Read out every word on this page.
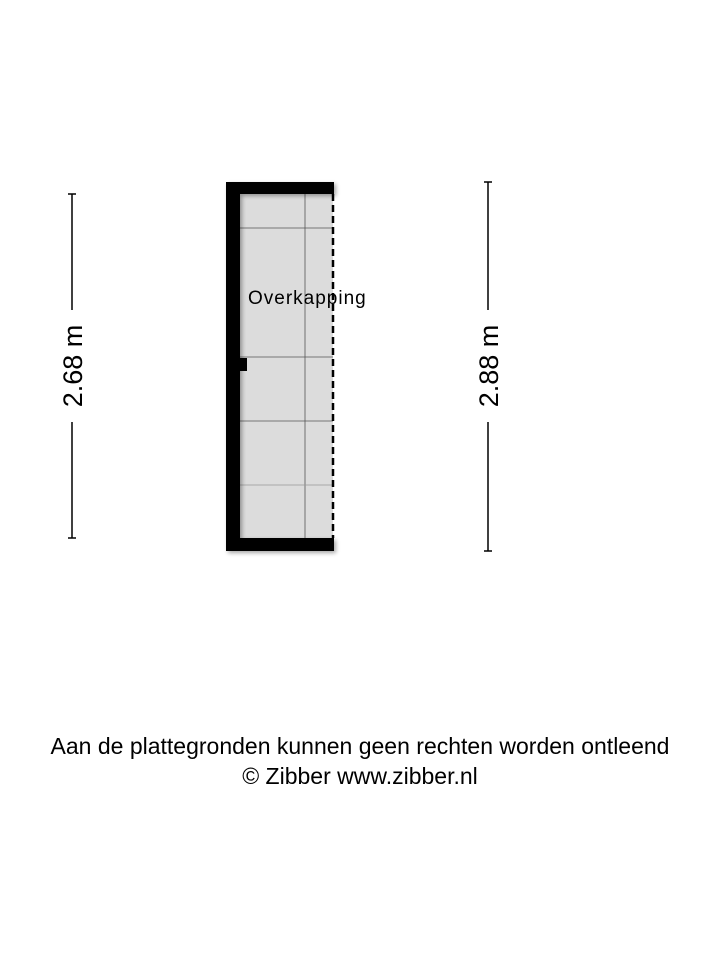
Overkapping
2.68 m	2.88 m
Aan de plattegronden kunnen geen rechten worden ontleend
© Zibber www.zibber.nl
